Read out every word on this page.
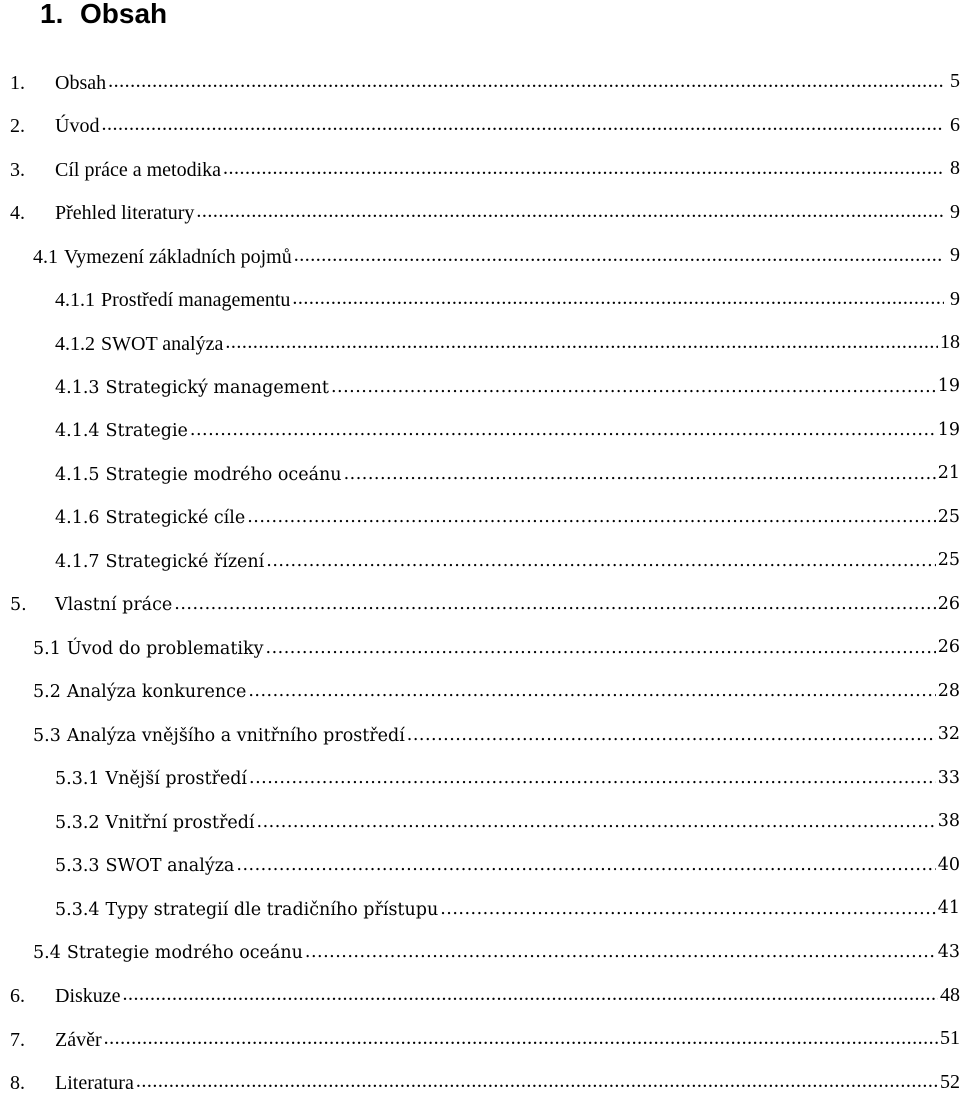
1. Obsah
1.	Obsah .....	5
2.	Úvod .....	6
3.	Cíl práce a metodika .....	8
4.	Přehled literatury .....	9
4.1 Vymezení základních pojmů .....	9
4.1.1 Prostředí managementu .....	9
4.1.2 SWOT analýza .....	18
4.1.3 Strategický management .....	19
4.1.4 Strategie .....	19
4.1.5 Strategie modrého oceánu .....	21
4.1.6 Strategické cíle .....	25
4.1.7 Strategické řízení .....	25
5.	Vlastní práce .....	26
5.1 Úvod do problematiky .....	26
5.2 Analýza konkurence .....	28
5.3 Analýza vnějšího a vnitřního prostředí .....	32
5.3.1 Vnější prostředí .....	33
5.3.2 Vnitřní prostředí .....	38
5.3.3 SWOT analýza .....	40
5.3.4 Typy strategií dle tradičního přístupu .....	41
5.4 Strategie modrého oceánu .....	43
6.	Diskuze .....	48
7.	Závěr .....	51
8.	Literatura .....	52
